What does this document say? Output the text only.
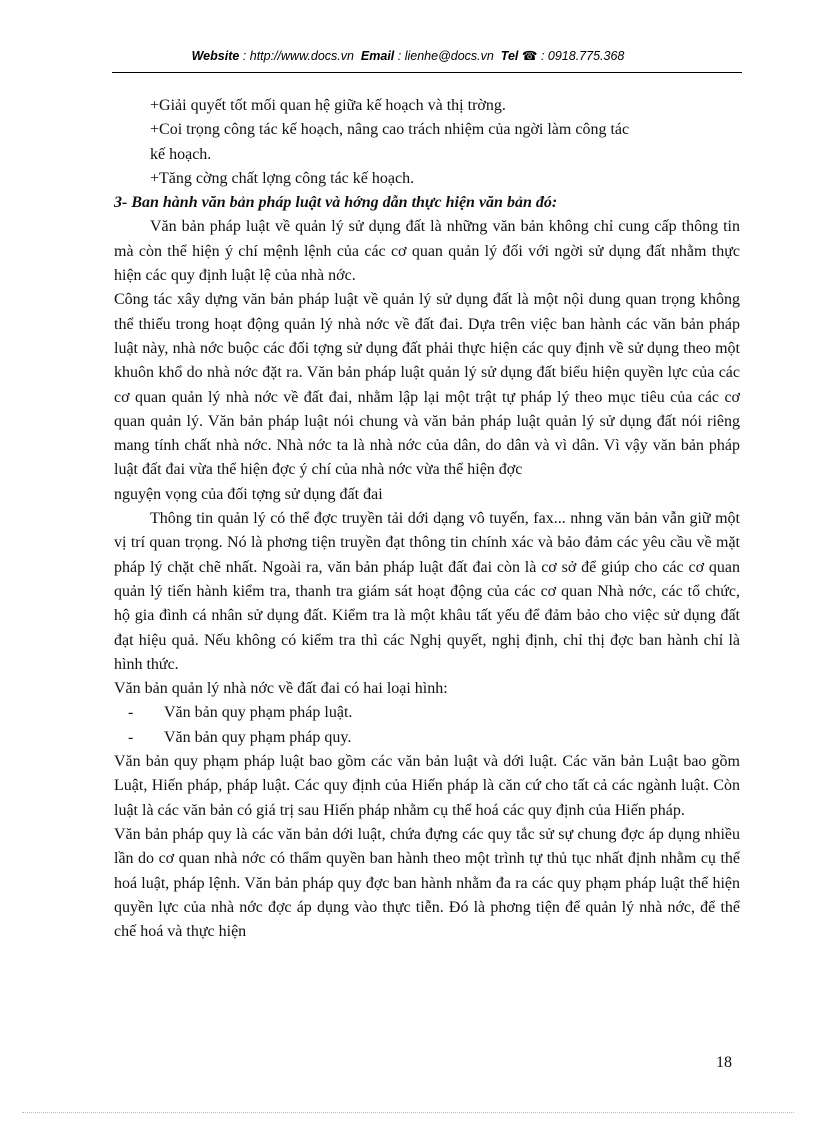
Website : http://www.docs.vn Email : lienhe@docs.vn Tel ☎ : 0918.775.368

+Giải quyết tốt mối quan hệ giữa kế hoạch và thị trờng.

+Coi trọng công tác kế hoạch, nâng cao trách nhiệm của ngời làm công tác

kế hoạch.

+Tăng cờng chất lợng công tác kế hoạch.

3- Ban hành văn bản pháp luật và hớng dẫn thực hiện văn bản đó:

Văn bản pháp luật về quản lý sử dụng đất là những văn bản không chỉ cung cấp thông tin mà còn thể hiện ý chí mệnh lệnh của các cơ quan quản lý đối với ngời sử dụng đất nhằm thực hiện các quy định luật lệ của nhà nớc.

Công tác xây dựng văn bản pháp luật về quản lý sử dụng đất là một nội dung quan trọng không thể thiếu trong hoạt động quản lý nhà nớc về đất đai. Dựa trên việc ban hành các văn bản pháp luật này, nhà nớc buộc các đối tợng sử dụng đất phải thực hiện các quy định về sử dụng theo một khuôn khổ do nhà nớc đặt ra. Văn bản pháp luật quản lý sử dụng đất biểu hiện quyền lực của các cơ quan quản lý nhà nớc về đất đai, nhằm lập lại một trật tự pháp lý theo mục tiêu của các cơ quan quản lý. Văn bản pháp luật nói chung và văn bản pháp luật quản lý sử dụng đất nói riêng mang tính chất nhà nớc. Nhà nớc ta là nhà nớc của dân, do dân và vì dân. Vì vậy văn bản pháp luật đất đai vừa thể hiện đợc ý chí của nhà nớc vừa thể hiện đợc

nguyện vọng của đối tợng sử dụng đất đai

Thông tin quản lý có thể đợc truyền tải dới dạng vô tuyến, fax... nhng văn bản vẫn giữ một vị trí quan trọng. Nó là phơng tiện truyền đạt thông tin chính xác và bảo đảm các yêu cầu về mặt pháp lý chặt chẽ nhất. Ngoài ra, văn bản pháp luật đất đai còn là cơ sở để giúp cho các cơ quan quản lý tiến hành kiểm tra, thanh tra giám sát hoạt động của các cơ quan Nhà nớc, các tổ chức, hộ gia đình cá nhân sử dụng đất. Kiểm tra là một khâu tất yếu để đảm bảo cho việc sử dụng đất đạt hiệu quả. Nếu không có kiểm tra thì các Nghị quyết, nghị định, chỉ thị đợc ban hành chỉ là hình thức.

Văn bản quản lý nhà nớc về đất đai có hai loại hình:

- Văn bản quy phạm pháp luật.

- Văn bản quy phạm pháp quy.

Văn bản quy phạm pháp luật bao gồm các văn bản luật và dới luật. Các văn bản Luật bao gồm Luật, Hiến pháp, pháp luật. Các quy định của Hiến pháp là căn cứ cho tất cả các ngành luật. Còn luật là các văn bản có giá trị sau Hiến pháp nhằm cụ thể hoá các quy định của Hiến pháp.

Văn bản pháp quy là các văn bản dới luật, chứa đựng các quy tắc sử sự chung đợc áp dụng nhiều lần do cơ quan nhà nớc có thẩm quyền ban hành theo một trình tự thủ tục nhất định nhằm cụ thể hoá luật, pháp lệnh. Văn bản pháp quy đợc ban hành nhằm đa ra các quy phạm pháp luật thể hiện quyền lực của nhà nớc đợc áp dụng vào thực tiễn. Đó là phơng tiện để quản lý nhà nớc, để thể chế hoá và thực hiện

18
